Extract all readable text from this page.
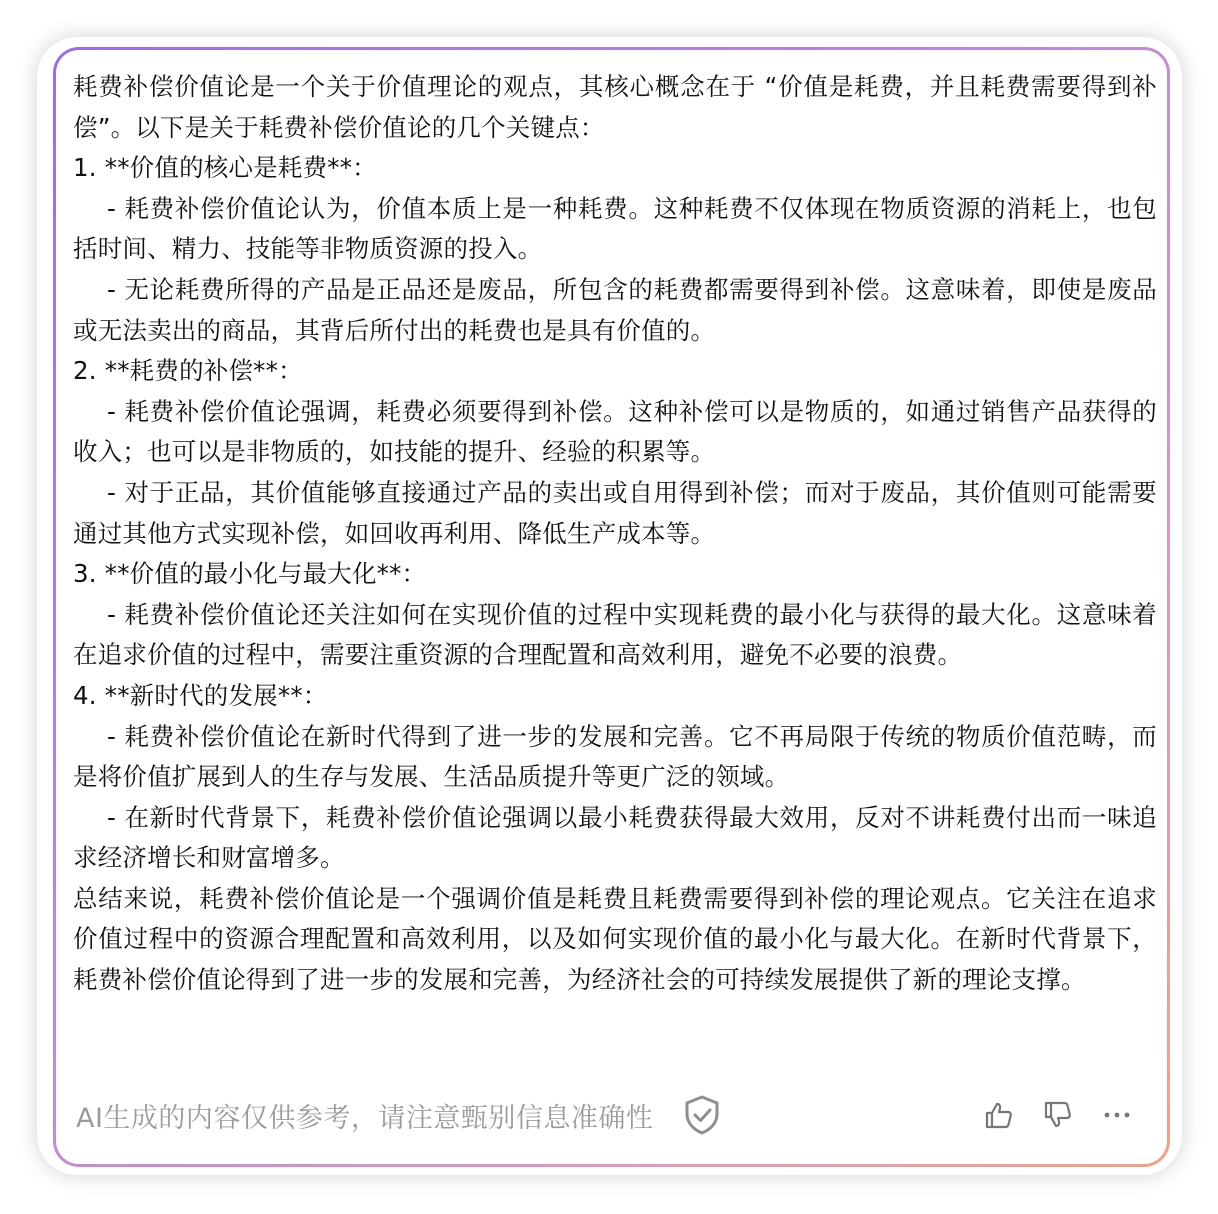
耗费补偿价值论是一个关于价值理论的观点，其核心概念在于 “价值是耗费，并且耗费需要得到补偿”。以下是关于耗费补偿价值论的几个关键点：

1. **价值的核心是耗费**：

- 耗费补偿价值论认为，价值本质上是一种耗费。这种耗费不仅体现在物质资源的消耗上，也包括时间、精力、技能等非物质资源的投入。

- 无论耗费所得的产品是正品还是废品，所包含的耗费都需要得到补偿。这意味着，即使是废品或无法卖出的商品，其背后所付出的耗费也是具有价值的。

2. **耗费的补偿**：

- 耗费补偿价值论强调，耗费必须要得到补偿。这种补偿可以是物质的，如通过销售产品获得的收入；也可以是非物质的，如技能的提升、经验的积累等。

- 对于正品，其价值能够直接通过产品的卖出或自用得到补偿；而对于废品，其价值则可能需要通过其他方式实现补偿，如回收再利用、降低生产成本等。

3. **价值的最小化与最大化**：

- 耗费补偿价值论还关注如何在实现价值的过程中实现耗费的最小化与获得的最大化。这意味着在追求价值的过程中，需要注重资源的合理配置和高效利用，避免不必要的浪费。

4. **新时代的发展**：

- 耗费补偿价值论在新时代得到了进一步的发展和完善。它不再局限于传统的物质价值范畴，而是将价值扩展到人的生存与发展、生活品质提升等更广泛的领域。

- 在新时代背景下，耗费补偿价值论强调以最小耗费获得最大效用，反对不讲耗费付出而一味追求经济增长和财富增多。

总结来说，耗费补偿价值论是一个强调价值是耗费且耗费需要得到补偿的理论观点。它关注在追求价值过程中的资源合理配置和高效利用，以及如何实现价值的最小化与最大化。在新时代背景下，耗费补偿价值论得到了进一步的发展和完善，为经济社会的可持续发展提供了新的理论支撑。

AI生成的内容仅供参考，请注意甄别信息准确性
